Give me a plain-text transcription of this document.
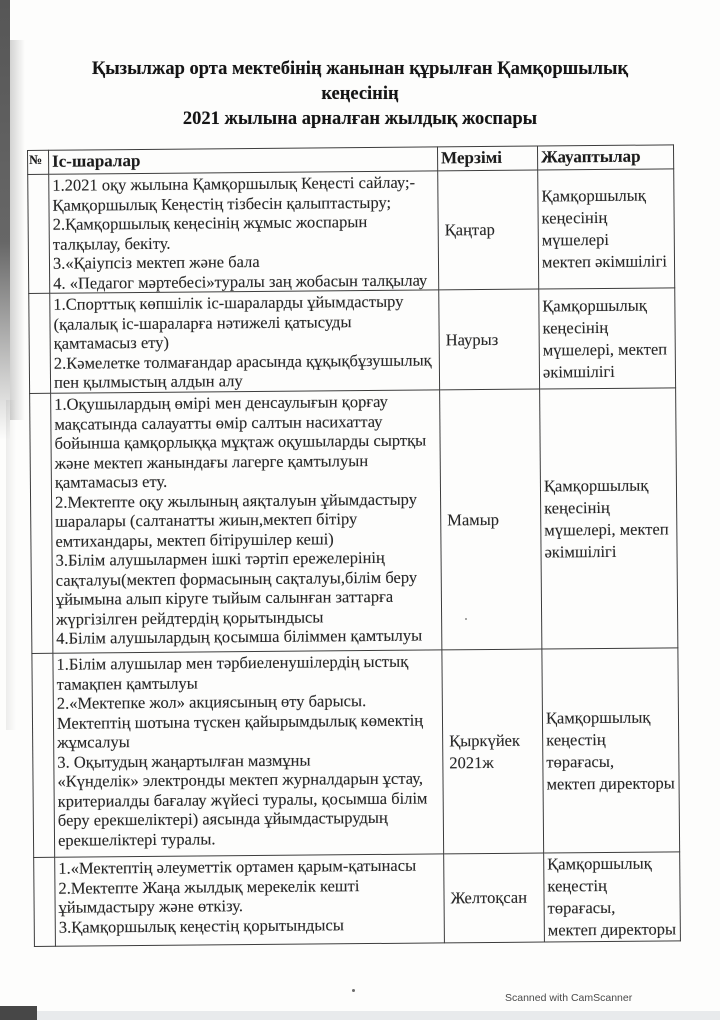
Қызылжар орта мектебінің жанынан құрылған Қамқоршылық
кеңесінің
2021 жылына арналған жылдық жоспары
№	Іс-шаралар	Мерзімі	Жауаптылар
	1.2021 оқу жылына Қамқоршылық Кеңесті сайлау;-
Қамқоршылық Кеңестің тізбесін қалыптастыру;
2.Қамқоршылық кеңесінің жұмыс жоспарын
талқылау, бекіту.
3.«Қаіупсіз мектеп және бала
4. «Педагог мәртебесі»туралы заң жобасын талқылау	Қаңтар	Қамқоршылық
кеңесінің мүшелері
мектеп әкімшілігі
	1.Спорттық көпшілік іс-шараларды ұйымдастыру
(қалалық іс-шараларға нәтижелі қатысуды
қамтамасыз ету)
2.Кәмелетке толмағандар арасында құқықбұзушылық
пен қылмыстың алдын алу	Наурыз	Қамқоршылық
кеңесінің
мүшелері, мектеп
әкімшілігі
	1.Оқушылардың өмірі мен денсаулығын қорғау
мақсатында салауатты өмір салтын насихаттау
бойынша қамқорлыққа мұқтаж оқушыларды сыртқы
және мектеп жанындағы лагерге қамтылуын
қамтамасыз ету.
2.Мектепте оқу жылының аяқталуын ұйымдастыру
шаралары (салтанатты жиын,мектеп бітіру
емтихандары, мектеп бітірушілер кеші)
3.Білім алушылармен ішкі тәртіп ережелерінің
сақталуы(мектеп формасының сақталуы,білім беру
ұйымына алып кіруге тыйым салынған заттарға
жүргізілген рейдтердің қорытындысы
4.Білім алушылардың қосымша біліммен қамтылуы	Мамыр	Қамқоршылық
кеңесінің
мүшелері, мектеп
әкімшілігі
	1.Білім алушылар мен тәрбиеленушілердің ыстық
тамақпен қамтылуы
2.«Мектепке жол» акциясының өту барысы.
Мектептің шотына түскен қайырымдылық көмектің
жұмсалуы
3. Оқытудың жаңартылған мазмұны
«Күнделік» электронды мектеп журналдарын ұстау,
критериалды бағалау жүйесі туралы, қосымша білім
беру ерекшеліктері) аясында ұйымдастырудың
ерекшеліктері туралы.	Қыркүйек
2021ж	Қамқоршылық
кеңестің төрағасы,
мектеп директоры
	1.«Мектептің әлеуметтік ортамен қарым-қатынасы
2.Мектепте Жаңа жылдық мерекелік кешті
ұйымдастыру және өткізу.
3.Қамқоршылық кеңестің қорытындысы	Желтоқсан	Қамқоршылық
кеңестің төрағасы,
мектеп директоры
Scanned with CamScanner
